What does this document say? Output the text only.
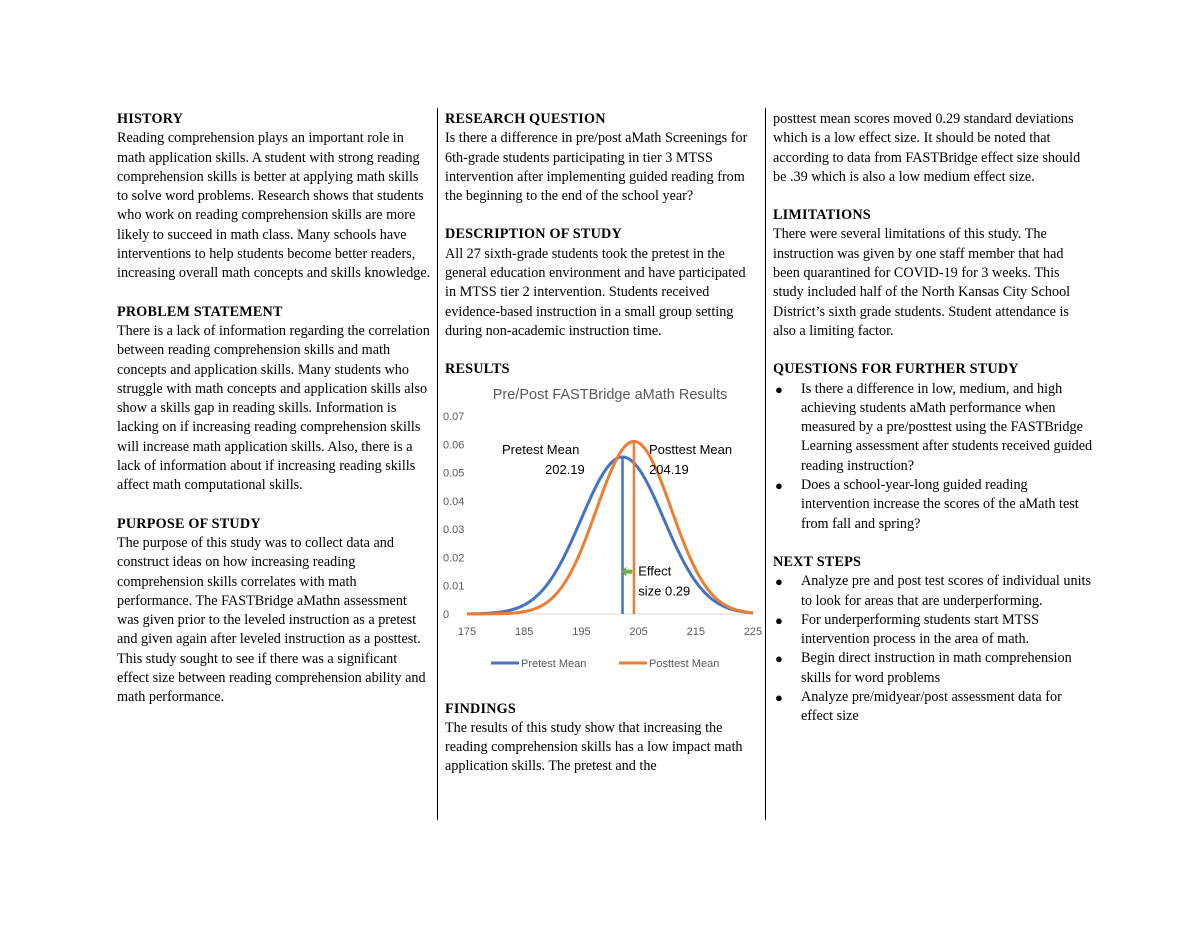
HISTORY

Reading comprehension plays an important role in math application skills. A student with strong reading comprehension skills is better at applying math skills to solve word problems. Research shows that students who work on reading comprehension skills are more likely to succeed in math class. Many schools have interventions to help students become better readers, increasing overall math concepts and skills knowledge.

PROBLEM STATEMENT

There is a lack of information regarding the correlation between reading comprehension skills and math concepts and application skills. Many students who struggle with math concepts and application skills also show a skills gap in reading skills. Information is lacking on if increasing reading comprehension skills will increase math application skills. Also, there is a lack of information about if increasing reading skills affect math computational skills.

PURPOSE OF STUDY

The purpose of this study was to collect data and construct ideas on how increasing reading comprehension skills correlates with math performance. The FASTBridge aMathn assessment was given prior to the leveled instruction as a pretest and given again after leveled instruction as a posttest. This study sought to see if there was a significant effect size between reading comprehension ability and math performance.

RESEARCH QUESTION

Is there a difference in pre/post aMath Screenings for 6th-grade students participating in tier 3 MTSS intervention after implementing guided reading from the beginning to the end of the school year?

DESCRIPTION OF STUDY

All 27 sixth-grade students took the pretest in the general education environment and have participated in MTSS tier 2 intervention. Students received evidence-based instruction in a small group setting during non-academic instruction time.

RESULTS

Pre/Post FASTBridge aMath Results
0
0.01
0.02
0.03
0.04
0.05
0.06
0.07
175	185	195	205	215	225
Pretest Mean
202.19
Posttest Mean
204.19
Effect
size 0.29
Pretest Mean	Posttest Mean

FINDINGS

The results of this study show that increasing the reading comprehension skills has a low impact math application skills. The pretest and the

posttest mean scores moved 0.29 standard deviations which is a low effect size. It should be noted that according to data from FASTBridge effect size should be .39 which is also a low medium effect size.

LIMITATIONS

There were several limitations of this study. The instruction was given by one staff member that had been quarantined for COVID-19 for 3 weeks. This study included half of the North Kansas City School District’s sixth grade students. Student attendance is also a limiting factor.

QUESTIONS FOR FURTHER STUDY

● Is there a difference in low, medium, and high achieving students aMath performance when measured by a pre/posttest using the FASTBridge Learning assessment after students received guided reading instruction?
● Does a school-year-long guided reading intervention increase the scores of the aMath test from fall and spring?

NEXT STEPS

● Analyze pre and post test scores of individual units to look for areas that are underperforming.
● For underperforming students start MTSS intervention process in the area of math.
● Begin direct instruction in math comprehension skills for word problems
● Analyze pre/midyear/post assessment data for effect size
